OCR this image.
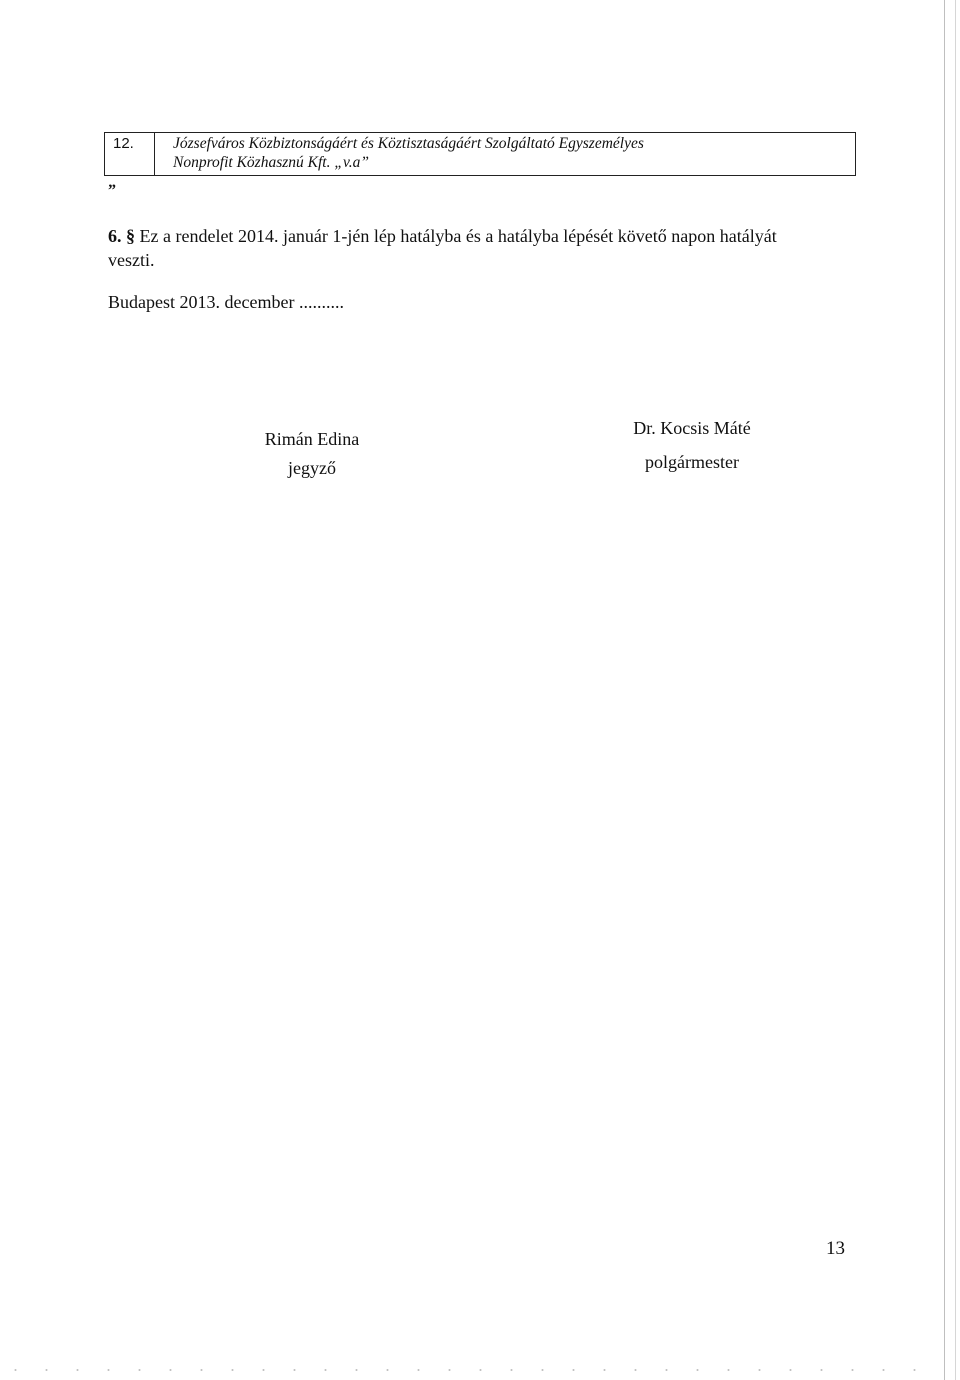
12.	Józsefváros Közbiztonságáért és Köztisztaságáért Szolgáltató Egyszemélyes
Nonprofit Közhasznú Kft. „v.a”
”
6. § Ez a rendelet 2014. január 1-jén lép hatályba és a hatályba lépését követő napon hatályát
veszti.
Budapest 2013. december ..........
Rimán Edina
jegyző
Dr. Kocsis Máté
polgármester
13
